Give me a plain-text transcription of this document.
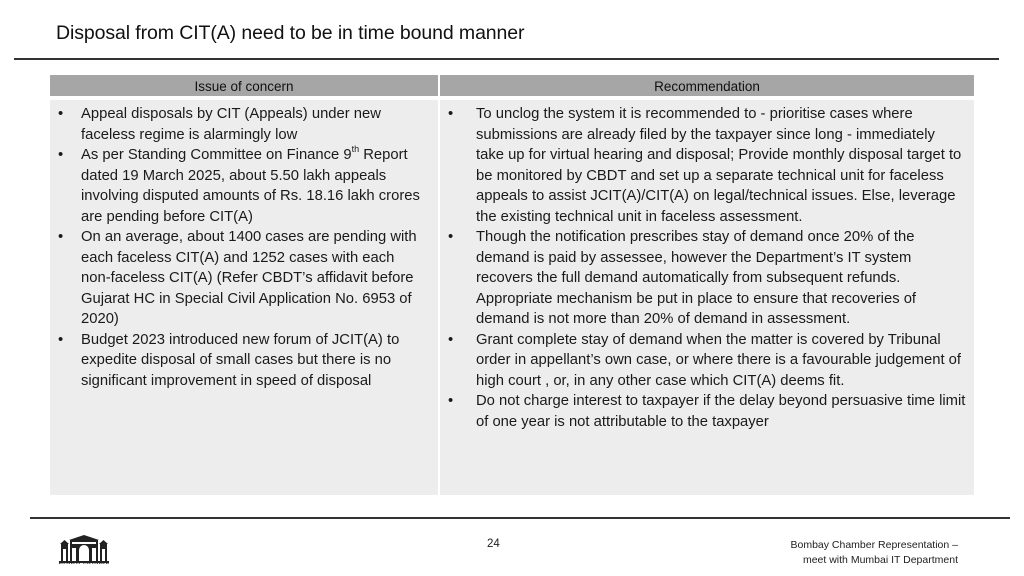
Disposal from CIT(A) need to be in time bound manner
Issue of concern
•	Appeal disposals by CIT (Appeals) under new faceless regime is alarmingly low
•	As per Standing Committee on Finance 9th Report dated 19 March 2025, about 5.50 lakh appeals involving disputed amounts of Rs. 18.16 lakh crores are pending before CIT(A)
•	On an average, about 1400 cases are pending with each faceless CIT(A) and 1252 cases with each non-faceless CIT(A) (Refer CBDT’s affidavit before Gujarat HC in Special Civil Application No. 6953 of 2020)
•	Budget 2023 introduced new forum of JCIT(A) to expedite disposal of small cases but there is no significant improvement in speed of disposal
Recommendation
•	To unclog the system it is recommended to - prioritise cases where submissions are already filed by the taxpayer since long - immediately take up for virtual hearing and disposal; Provide monthly disposal target to be monitored by CBDT and set up a separate technical unit for faceless appeals to assist JCIT(A)/CIT(A) on legal/technical issues. Else, leverage the existing technical unit in faceless assessment.
•	Though the notification prescribes stay of demand once 20% of the demand is paid by assessee, however the Department’s IT system recovers the full demand automatically from subsequent refunds. Appropriate mechanism be put in place to ensure that recoveries of demand is not more than 20% of demand in assessment.
•	Grant complete stay of demand when the matter is covered by Tribunal order in appellant’s own case, or where there is a favourable judgement of high court , or, in any other case which CIT(A) deems fit.
•	Do not charge interest to taxpayer if the delay beyond persuasive time limit of one year is not attributable to the taxpayer
BOMBAY CHAMBER
24	Bombay Chamber Representation –
meet with Mumbai IT Department
